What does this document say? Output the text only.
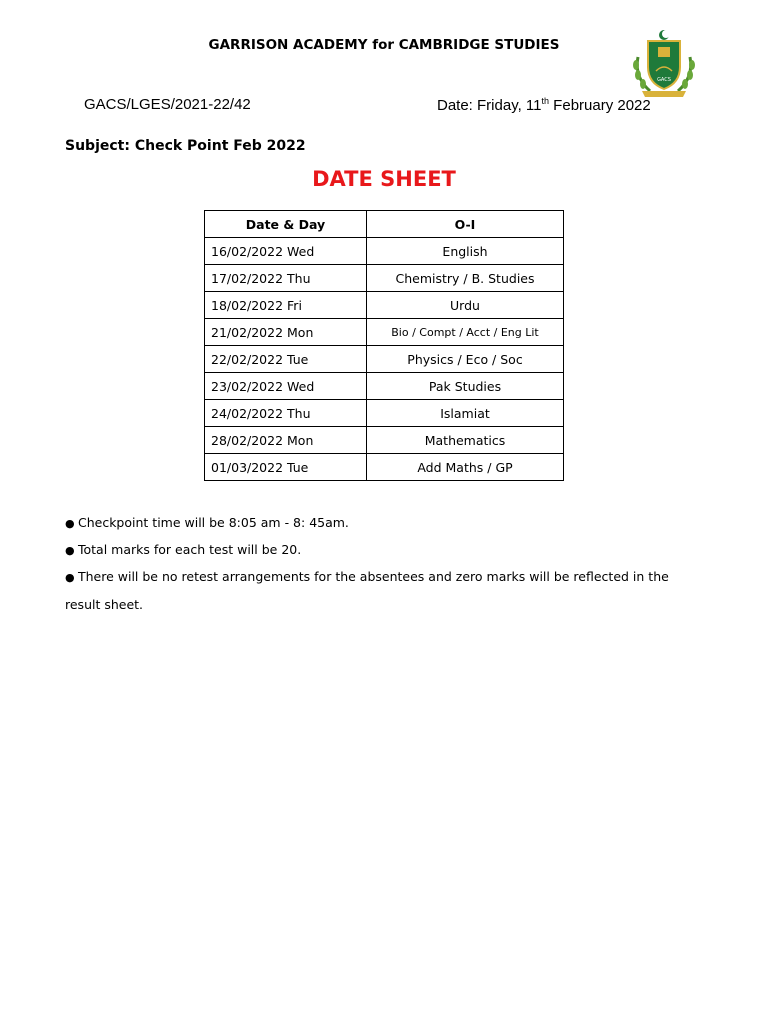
GARRISON ACADEMY for CAMBRIDGE STUDIES
GACS
GACS/LGES/2021-22/42	Date: Friday, 11th February 2022
Subject: Check Point Feb 2022
DATE SHEET
Date & Day	O-I
16/02/2022 Wed	English
17/02/2022 Thu	Chemistry / B. Studies
18/02/2022 Fri	Urdu
21/02/2022 Mon	Bio / Compt / Acct / Eng Lit
22/02/2022 Tue	Physics / Eco / Soc
23/02/2022 Wed	Pak Studies
24/02/2022 Thu	Islamiat
28/02/2022 Mon	Mathematics
01/03/2022 Tue	Add Maths / GP
● Checkpoint time will be 8:05 am - 8: 45am.
● Total marks for each test will be 20.
● There will be no retest arrangements for the absentees and zero marks will be reflected in the result sheet.
